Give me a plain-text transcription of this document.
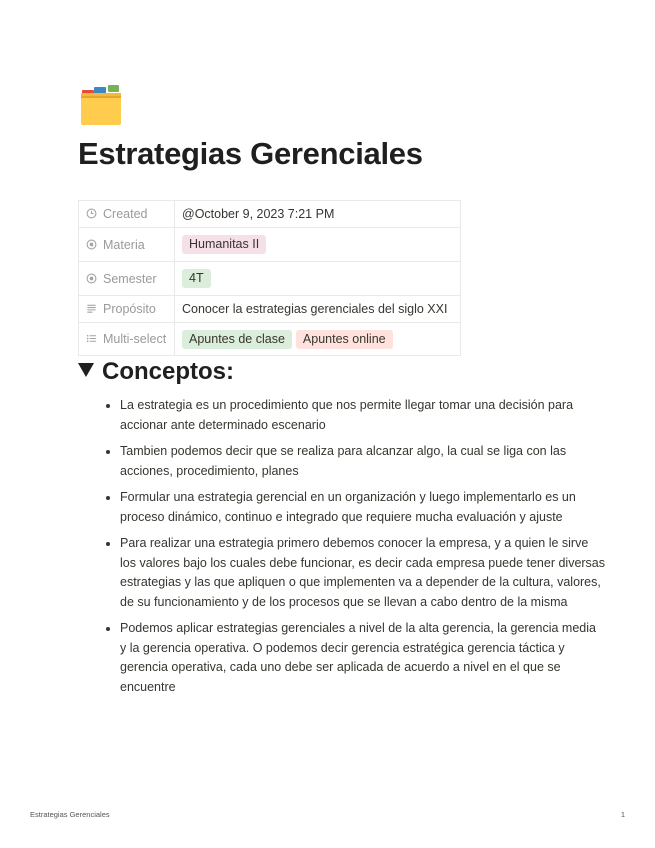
Estrategias Gerenciales
Created	@October 9, 2023 7:21 PM
Materia	Humanitas II
Semester	4T
Propósito	Conocer la estrategias gerenciales del siglo XXI
Multi-select	Apuntes de clase Apuntes online
Conceptos:
• La estrategia es un procedimiento que nos permite llegar tomar una decisión para accionar ante determinado escenario
• Tambien podemos decir que se realiza para alcanzar algo, la cual se liga con las acciones, procedimiento, planes
• Formular una estrategia gerencial en un organización y luego implementarlo es un proceso dinámico, continuo e integrado que requiere mucha evaluación y ajuste
• Para realizar una estrategia primero debemos conocer la empresa, y a quien le sirve los valores bajo los cuales debe funcionar, es decir cada empresa puede tener diversas estrategias y las que apliquen o que implementen va a depender de la cultura, valores, de su funcionamiento y de los procesos que se llevan a cabo dentro de la misma
• Podemos aplicar estrategias gerenciales a nivel de la alta gerencia, la gerencia media y la gerencia operativa. O podemos decir gerencia estratégica gerencia táctica y gerencia operativa, cada uno debe ser aplicada de acuerdo a nivel en el que se encuentre
Estrategias Gerenciales	1
